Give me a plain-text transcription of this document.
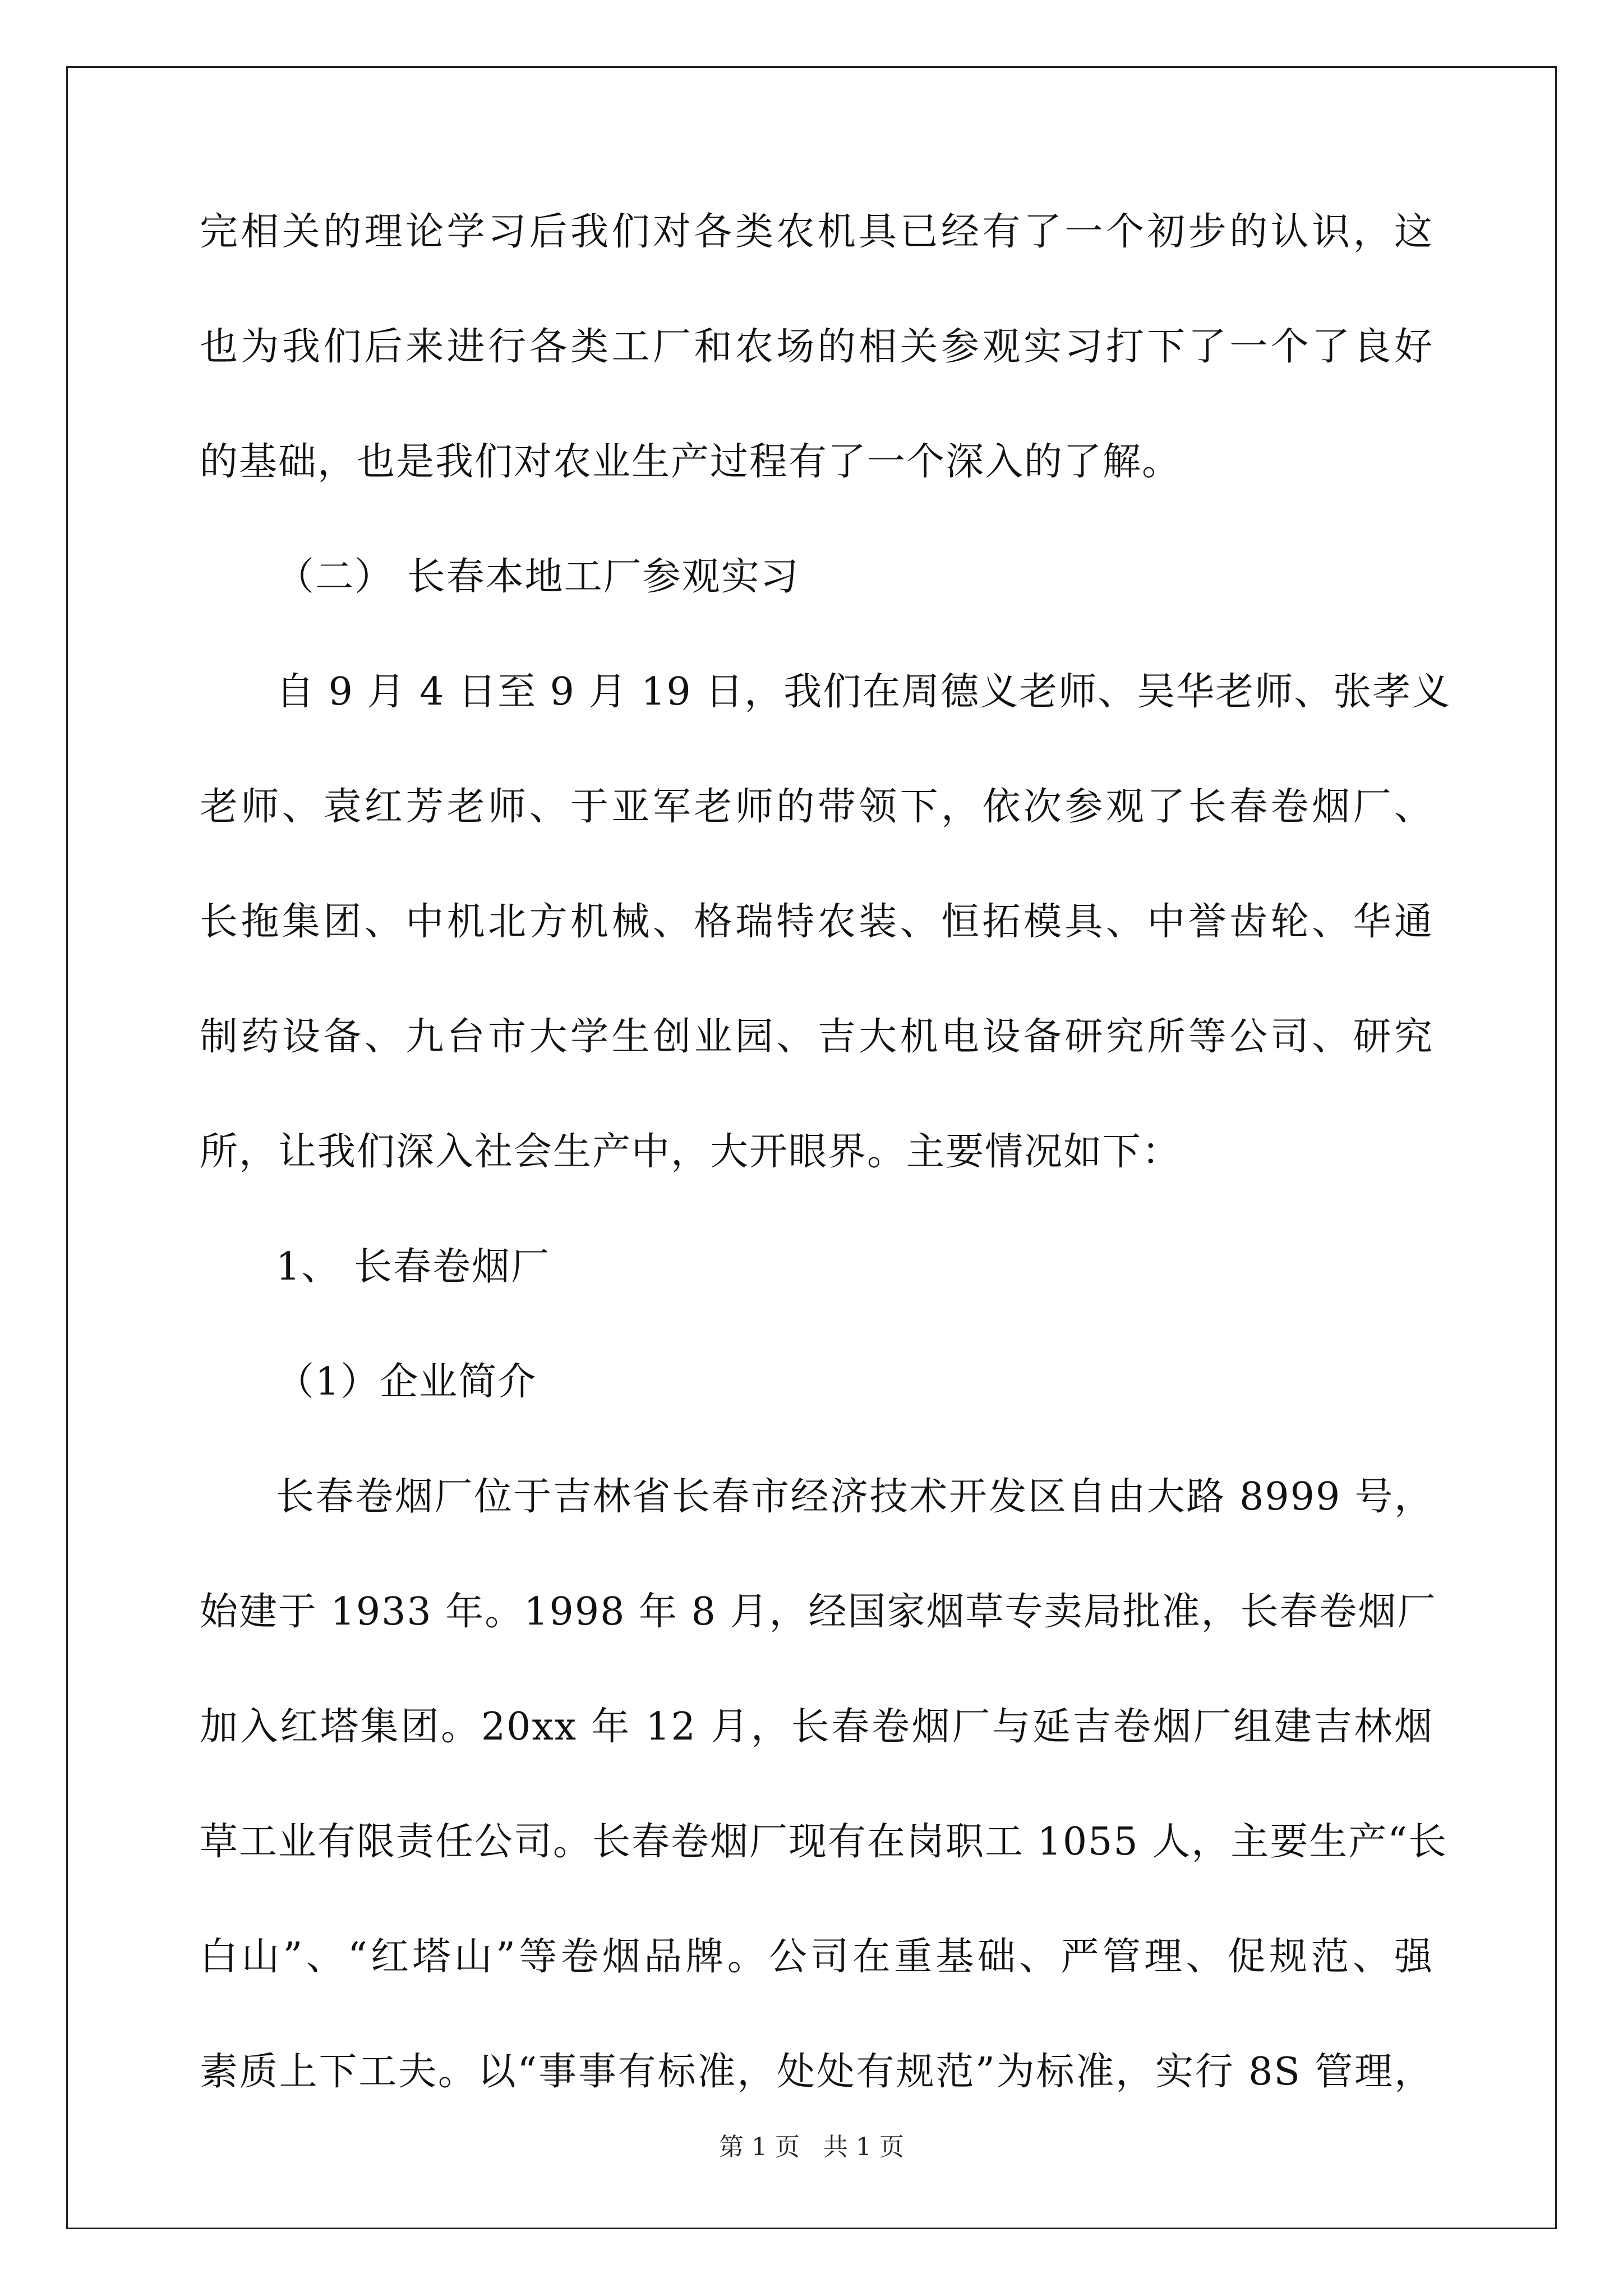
完相关的理论学习后我们对各类农机具已经有了一个初步的认识，这
也为我们后来进行各类工厂和农场的相关参观实习打下了一个了良好
的基础，也是我们对农业生产过程有了一个深入的了解。
（二） 长春本地工厂参观实习
自 9 月 4 日至 9 月 19 日，我们在周德义老师、吴华老师、张孝义
老师、袁红芳老师、于亚军老师的带领下，依次参观了长春卷烟厂、
长拖集团、中机北方机械、格瑞特农装、恒拓模具、中誉齿轮、华通
制药设备、九台市大学生创业园、吉大机电设备研究所等公司、研究
所，让我们深入社会生产中，大开眼界。主要情况如下：
1、 长春卷烟厂
（1）企业简介
长春卷烟厂位于吉林省长春市经济技术开发区自由大路 8999 号，
始建于 1933 年。1998 年 8 月，经国家烟草专卖局批准，长春卷烟厂
加入红塔集团。20xx 年 12 月，长春卷烟厂与延吉卷烟厂组建吉林烟
草工业有限责任公司。长春卷烟厂现有在岗职工 1055 人，主要生产“长
白山”、“红塔山”等卷烟品牌。公司在重基础、严管理、促规范、强
素质上下工夫。以“事事有标准，处处有规范”为标准，实行 8S 管理，
第 1 页   共 1 页
